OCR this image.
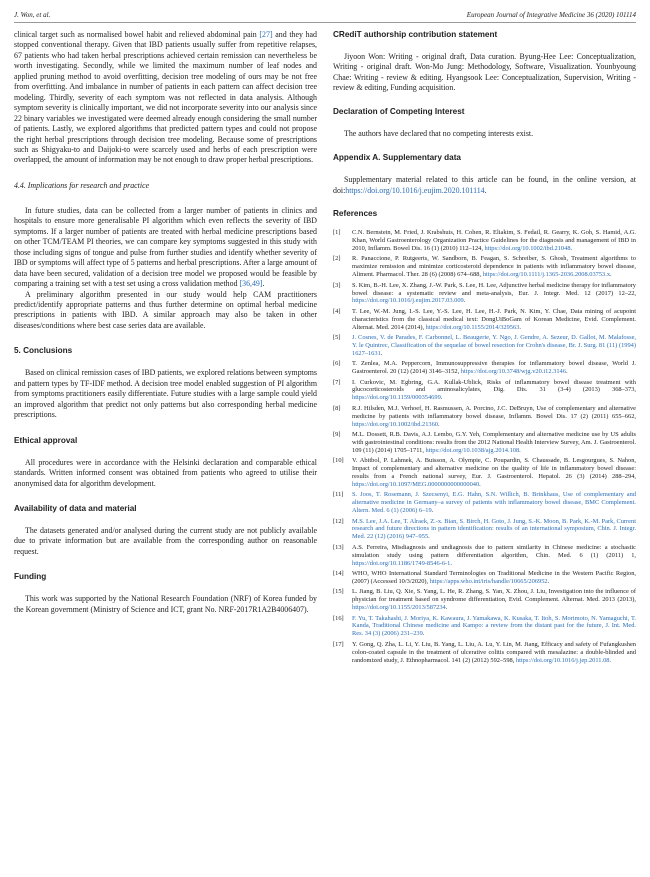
J. Won, et al.	European Journal of Integrative Medicine 36 (2020) 101114

clinical target such as normalised bowel habit and relieved abdominal pain [27] and they had stopped conventional therapy. Given that IBD patients usually suffer from repetitive relapses, 67 patients who had taken herbal prescriptions achieved certain remission can nevertheless be worth investigating. Secondly, while we limited the maximum number of leaf nodes and applied pruning method to avoid overfitting, decision tree modeling of ours may be not free from overfitting. And imbalance in number of patients in each pattern can affect decision tree modeling. Thirdly, severity of each symptom was not reflected in data analysis. Although symptom severity is clinically important, we did not incorporate severity into our analysis since 22 binary variables we investigated were deemed already enough considering the small number of patients. Lastly, we explored algorithms that predicted pattern types and could not propose the right herbal prescriptions through decision tree modeling. Because some of prescriptions such as Shigyaku-to and Daijoki-to were scarcely used and herbs of each prescription were overlapped, the amount of information may be not enough to draw proper herbal prescriptions.

4.4. Implications for research and practice

In future studies, data can be collected from a larger number of patients in clinics and hospitals to ensure more generalisable PI algorithm which even reflects the severity of IBD symptoms. If a larger number of patients are treated with herbal medicine prescriptions based on other TCM/TEAM PI theories, we can compare key symptoms suggested in this study with those including signs of tongue and pulse from further studies and identify whether severity of IBD or symptoms will affect type of 5 patterns and herbal prescriptions. After a large amount of data have been secured, validation of a decision tree model we proposed would be feasible by comparing a training set with a test set using a cross validation method [36,49].

A preliminary algorithm presented in our study would help CAM practitioners predict/identify appropriate patterns and thus further determine on optimal herbal medicine prescriptions in patients with IBD. A similar approach may also be taken in other diseases/conditions where best case series data are available.

5. Conclusions

Based on clinical remission cases of IBD patients, we explored relations between symptoms and pattern types by TF-IDF method. A decision tree model enabled suggestion of PI algorithm from symptoms practitioners easily differentiate. Future studies with a large sample could yield an improved algorithm that predict not only patterns but also corresponding herbal medicine prescriptions.

Ethical approval

All procedures were in accordance with the Helsinki declaration and comparable ethical standards. Written informed consent was obtained from patients who agreed to utilise their anonymised data for algorithm development.

Availability of data and material

The datasets generated and/or analysed during the current study are not publicly available due to private information but are available from the corresponding author on reasonable request.

Funding

This work was supported by the National Research Foundation (NRF) of Korea funded by the Korean government (Ministry of Science and ICT, grant No. NRF-2017R1A2B4006407).

CRediT authorship contribution statement

Jiyoon Won: Writing - original draft, Data curation. Byung-Hee Lee: Conceptualization, Writing - original draft. Won-Mo Jung: Methodology, Software, Visualization. Younbyoung Chae: Writing - review & editing. Hyangsook Lee: Conceptualization, Supervision, Writing - review & editing, Funding acquisition.

Declaration of Competing Interest

The authors have declared that no competing interests exist.

Appendix A. Supplementary data

Supplementary material related to this article can be found, in the online version, at doi:https://doi.org/10.1016/j.eujim.2020.101114.

References
[1]	C.N. Bernstein, M. Fried, J. Krabshuis, H. Cohen, R. Eliakim, S. Fedail, R. Gearry, K. Goh, S. Hamid, A.G. Khan, World Gastroenterology Organization Practice Guidelines for the diagnosis and management of IBD in 2010, Inflamm. Bowel Dis. 16 (1) (2010) 112–124, https://doi.org/10.1002/ibd.21048.
[2]	R. Panaccione, P. Rutgeerts, W. Sandborn, B. Feagan, S. Schreiber, S. Ghosh, Treatment algorithms to maximize remission and minimize corticosteroid dependence in patients with inflammatory bowel disease, Aliment. Pharmacol. Ther. 28 (6) (2008) 674–688, https://doi.org/10.1111/j.1365-2036.2008.03753.x.
[3]	S. Kim, B.-H. Lee, X. Zhang, J.-W. Park, S. Lee, H. Lee, Adjunctive herbal medicine therapy for inflammatory bowel disease: a systematic review and meta-analysis, Eur. J. Integr. Med. 12 (2017) 12–22, https://doi.org/10.1016/j.eujim.2017.03.009.
[4]	T. Lee, W.-M. Jung, I.-S. Lee, Y.-S. Lee, H. Lee, H.-J. Park, N. Kim, Y. Chae, Data mining of acupoint characteristics from the classical medical text: DongUiBoGam of Korean Medicine, Evid. Complement. Alternat. Med. 2014 (2014), https://doi.org/10.1155/2014/329563.
[5]	J. Cosnes, V. de Parades, F. Carbonnel, L. Beaugerie, Y. Ngo, J. Gendre, A. Sezeur, D. Gallot, M. Malafosse, Y. le Quintrec, Classification of the sequelae of bowel resection for Crohn's disease, Br. J. Surg. 81 (11) (1994) 1627–1631.
[6]	T. Zenlea, M.A. Peppercorn, Immunosuppressive therapies for inflammatory bowel disease, World J. Gastroenterol. 20 (12) (2014) 3146–3152, https://doi.org/10.3748/wjg.v20.i12.3146.
[7]	I. Curkovic, M. Egbring, G.A. Kullak-Ublick, Risks of inflammatory bowel disease treatment with glucocorticosteroids and aminosalicylates, Dig. Dis. 31 (3-4) (2013) 368–373, https://doi.org/10.1159/000354699.
[8]	R.J. Hilsden, M.J. Verhoef, H. Rasmussen, A. Porcino, J.C. DeBruyn, Use of complementary and alternative medicine by patients with inflammatory bowel disease, Inflamm. Bowel Dis. 17 (2) (2011) 655–662, https://doi.org/10.1002/ibd.21360.
[9]	M.L. Dossett, R.B. Davis, A.J. Lembo, G.Y. Yeh, Complementary and alternative medicine use by US adults with gastrointestinal conditions: results from the 2012 National Health Interview Survey, Am. J. Gastroenterol. 109 (11) (2014) 1705–1711, https://doi.org/10.1038/ajg.2014.108.
[10]	V. Abitbol, P. Lahmek, A. Buisson, A. Olympie, C. Poupardin, S. Chaussade, B. Lesgourgues, S. Nahon, Impact of complementary and alternative medicine on the quality of life in inflammatory bowel disease: results from a French national survey, Eur. J. Gastroenterol. Hepatol. 26 (3) (2014) 288–294, https://doi.org/10.1097/MEG.0000000000000040.
[11]	S. Joos, T. Rosemann, J. Szecsenyi, E.G. Hahn, S.N. Willich, B. Brinkhaus, Use of complementary and alternative medicine in Germany–a survey of patients with inflammatory bowel disease, BMC Complement. Altern. Med. 6 (1) (2006) 6–19.
[12]	M.S. Lee, J.A. Lee, T. Alraek, Z.-x. Bian, S. Birch, H. Goto, J. Jung, S.-K. Moon, B. Park, K.-M. Park, Current research and future directions in pattern identification: results of an international symposium, Chin. J. Integr. Med. 22 (12) (2016) 947–955.
[13]	A.S. Ferreira, Misdiagnosis and undiagnosis due to pattern similarity in Chinese medicine: a stochastic simulation study using pattern differentiation algorithm, Chin. Med. 6 (1) (2011) 1, https://doi.org/10.1186/1749-8546-6-1.
[14]	WHO, WHO International Standard Terminologies on Traditional Medicine in the Western Pacific Region, (2007) (Accessed 10/3/2020), https://apps.who.int/iris/handle/10665/206952.
[15]	L. Jiang, B. Liu, Q. Xie, S. Yang, L. He, R. Zhang, S. Yan, X. Zhou, J. Liu, Investigation into the influence of physician for treatment based on syndrome differentiation, Evid. Complement. Alternat. Med. 2013 (2013), https://doi.org/10.1155/2013/587234.
[16]	F. Yu, T. Takahashi, J. Moriya, K. Kawaura, J. Yamakawa, K. Kusaka, T. Itoh, S. Morimoto, N. Yamaguchi, T. Kanda, Traditional Chinese medicine and Kampo: a review from the distant past for the future, J. Int. Med. Res. 34 (3) (2006) 231–239.
[17]	Y. Gong, Q. Zha, L. Li, Y. Liu, B. Yang, L. Liu, A. Lu, Y. Lin, M. Jiang, Efficacy and safety of Fufangkushen colon-coated capsule in the treatment of ulcerative colitis compared with mesalazine: a double-blinded and randomized study, J. Ethnopharmacol. 141 (2) (2012) 592–598, https://doi.org/10.1016/j.jep.2011.08.
